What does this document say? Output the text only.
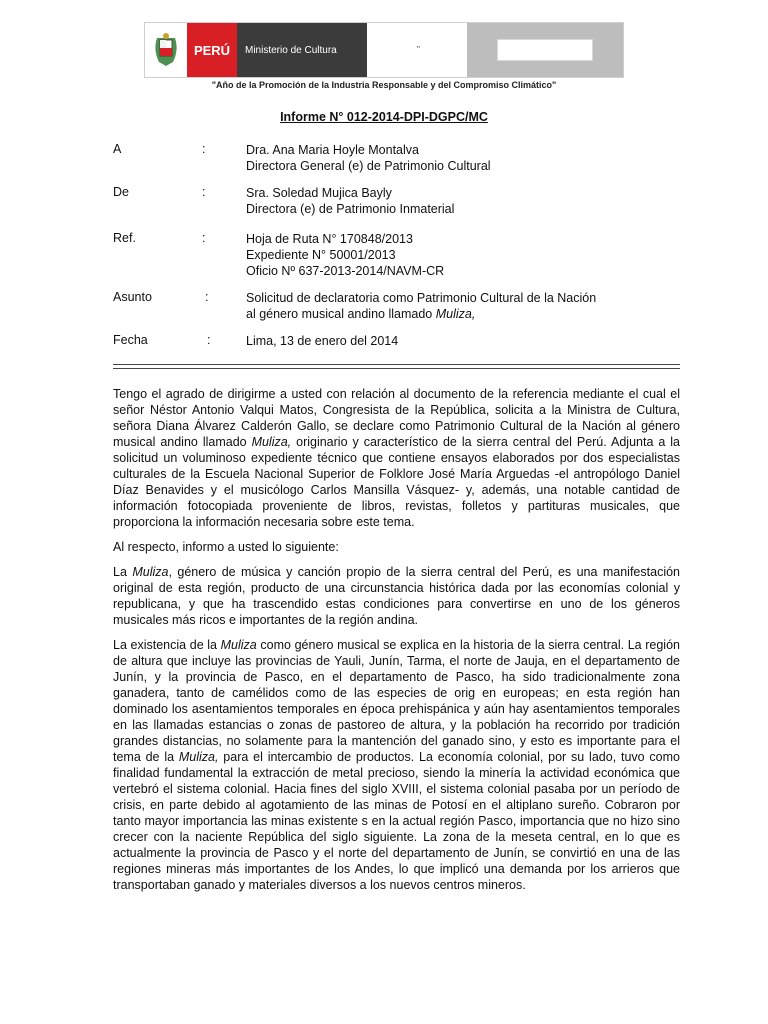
PERÚ	Ministerio de Cultura	"
"Año de la Promoción de la Industria Responsable y del Compromiso Climático"
Informe N° 012-2014-DPI-DGPC/MC
A	:	Dra. Ana Maria Hoyle Montalva
Directora General (e) de Patrimonio Cultural
De	:	Sra. Soledad Mujica Bayly
Directora (e) de Patrimonio Inmaterial
Ref.	:	Hoja de Ruta N° 170848/2013
Expediente N° 50001/2013
Oficio Nº 637-2013-2014/NAVM-CR
Asunto	:	Solicitud de declaratoria como Patrimonio Cultural de la Nación
al género musical andino llamado Muliza,
Fecha	:	Lima, 13 de enero del 2014

Tengo el agrado de dirigirme a usted con relación al documento de la referencia mediante el cual el señor Néstor Antonio Valqui Matos, Congresista de la República, solicita a la Ministra de Cultura, señora Diana Álvarez Calderón Gallo, se declare como Patrimonio Cultural de la Nación al género musical andino llamado Muliza, originario y característico de la sierra central del Perú. Adjunta a la solicitud un voluminoso expediente técnico que contiene ensayos elaborados por dos especialistas culturales de la Escuela Nacional Superior de Folklore José María Arguedas -el antropólogo Daniel Díaz Benavides y el musicólogo Carlos Mansilla Vásquez- y, además, una notable cantidad de información fotocopiada proveniente de libros, revistas, folletos y partituras musicales, que proporciona la información necesaria sobre este tema.

Al respecto, informo a usted lo siguiente:

La Muliza, género de música y canción propio de la sierra central del Perú, es una manifestación original de esta región, producto de una circunstancia histórica dada por las economías colonial y republicana, y que ha trascendido estas condiciones para convertirse en uno de los géneros musicales más ricos e importantes de la región andina.

La existencia de la Muliza como género musical se explica en la historia de la sierra central. La región de altura que incluye las provincias de Yauli, Junín, Tarma, el norte de Jauja, en el departamento de Junín, y la provincia de Pasco, en el departamento de Pasco, ha sido tradicionalmente zona ganadera, tanto de camélidos como de las especies de orig en europeas; en esta región han dominado los asentamientos temporales en época prehispánica y aún hay asentamientos temporales en las llamadas estancias o zonas de pastoreo de altura, y la población ha recorrido por tradición grandes distancias, no solamente para la mantención del ganado sino, y esto es importante para el tema de la Muliza, para el intercambio de productos. La economía colonial, por su lado, tuvo como finalidad fundamental la extracción de metal precioso, siendo la minería la actividad económica que vertebró el sistema colonial. Hacia fines del siglo XVIII, el sistema colonial pasaba por un período de crisis, en parte debido al agotamiento de las minas de Potosí en el altiplano sureño. Cobraron por tanto mayor importancia las minas existente s en la actual región Pasco, importancia que no hizo sino crecer con la naciente República del siglo siguiente. La zona de la meseta central, en lo que es actualmente la provincia de Pasco y el norte del departamento de Junín, se convirtió en una de las regiones mineras más importantes de los Andes, lo que implicó una demanda por los arrieros que transportaban ganado y materiales diversos a los nuevos centros mineros.
